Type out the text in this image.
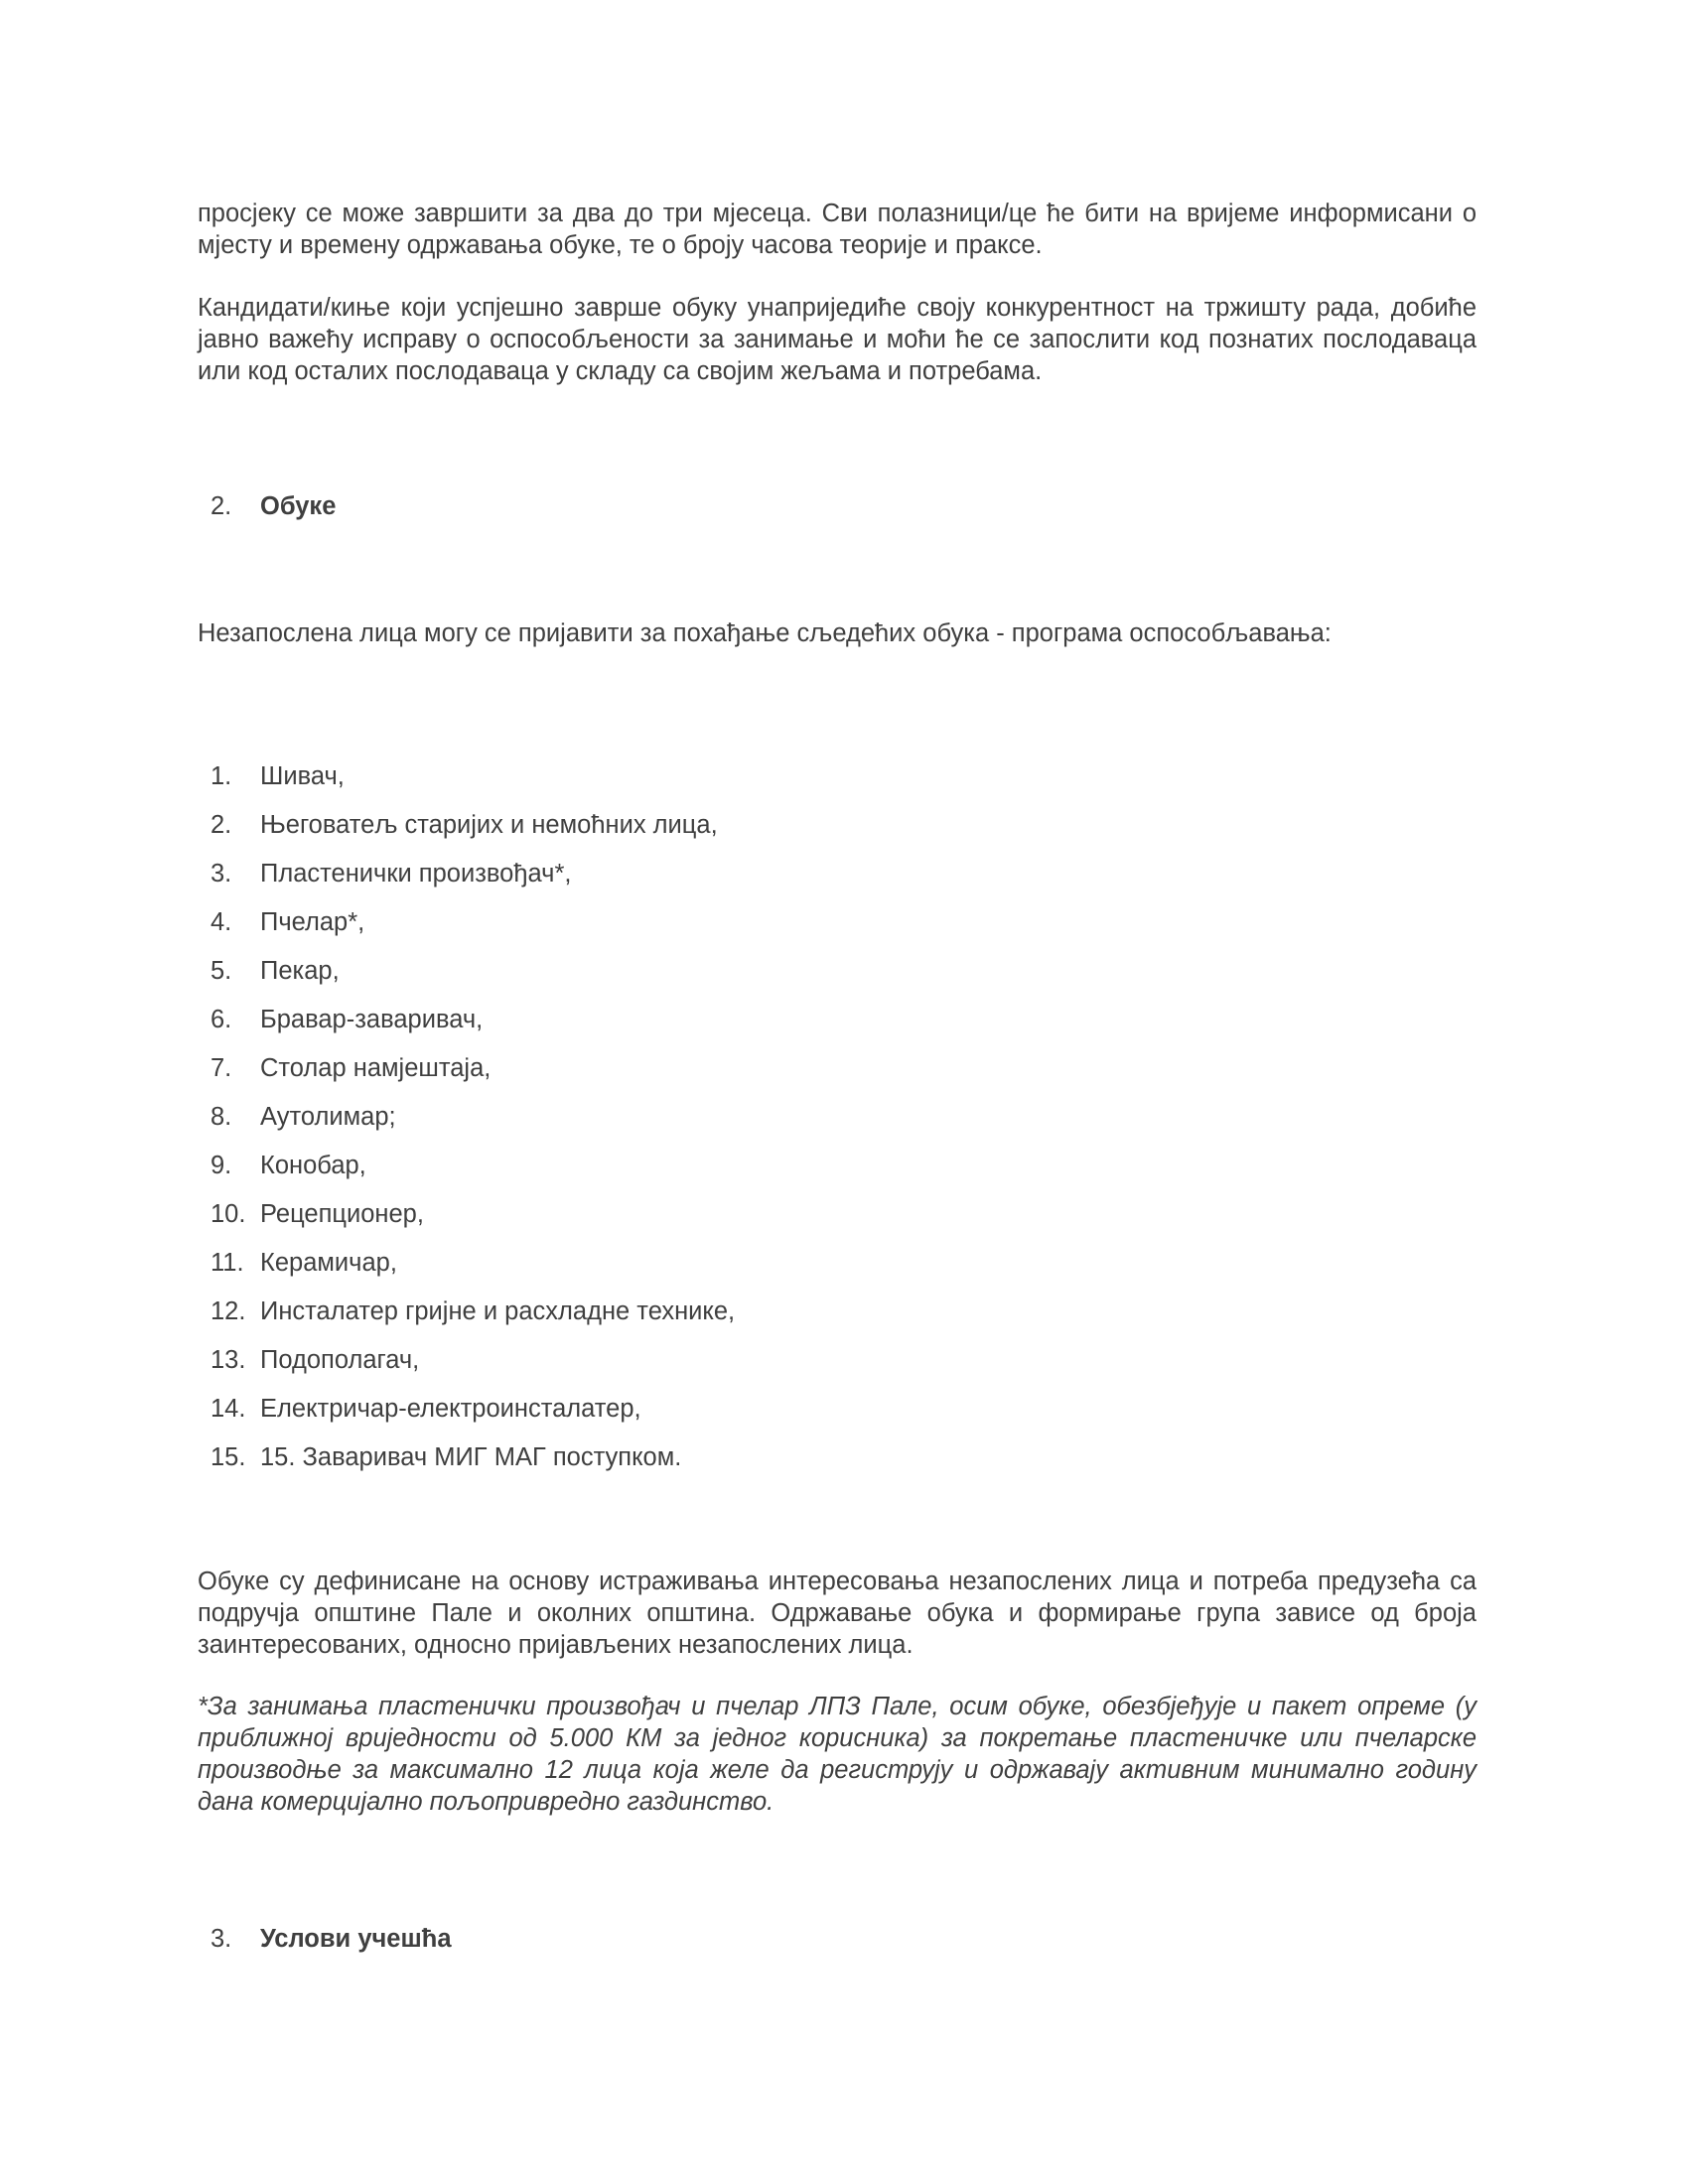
просјеку се може завршити за два до три мјесеца. Сви полазници/це ће бити на вријеме информисани о мјесту и времену одржавања обуке, те о броју часова теорије и праксе.

Кандидати/киње који успјешно заврше обуку унаприједиће своју конкурентност на тржишту рада, добиће јавно важећу исправу о оспособљености за занимање и моћи ће се запослити код познатих послодаваца или код осталих послодаваца у складу са својим жељама и потребама.

2. Обуке

Незапослена лица могу се пријавити за похађање сљедећих обука - програма оспособљавања:

1. Шивач,
2. Његоватељ старијих и немоћних лица,
3. Пластенички произвођач*,
4. Пчелар*,
5. Пекар,
6. Бравар-заваривач,
7. Столар намјештаја,
8. Аутолимар;
9. Конобар,
10. Рецепционер,
11. Керамичар,
12. Инсталатер гријне и расхладне технике,
13. Подополагач,
14. Електричар-електроинсталатер,
15. 15. Заваривач МИГ МАГ поступком.

Обуке су дефинисане на основу истраживања интересовања незапослених лица и потреба предузећа са подручја општине Пале и околних општина. Одржавање обука и формирање група зависе од броја заинтересованих, односно пријављених незапослених лица.

*За занимања пластенички произвођач и пчелар ЛПЗ Пале, осим обуке, обезбјеђује и пакет опреме (у приближној вриједности од 5.000 КМ за једног корисника) за покретање пластеничке или пчеларске производње за максимално 12 лица која желе да региструју и одржавају активним минимално годину дана комерцијално пољопривредно газдинство.

3. Услови учешћа
